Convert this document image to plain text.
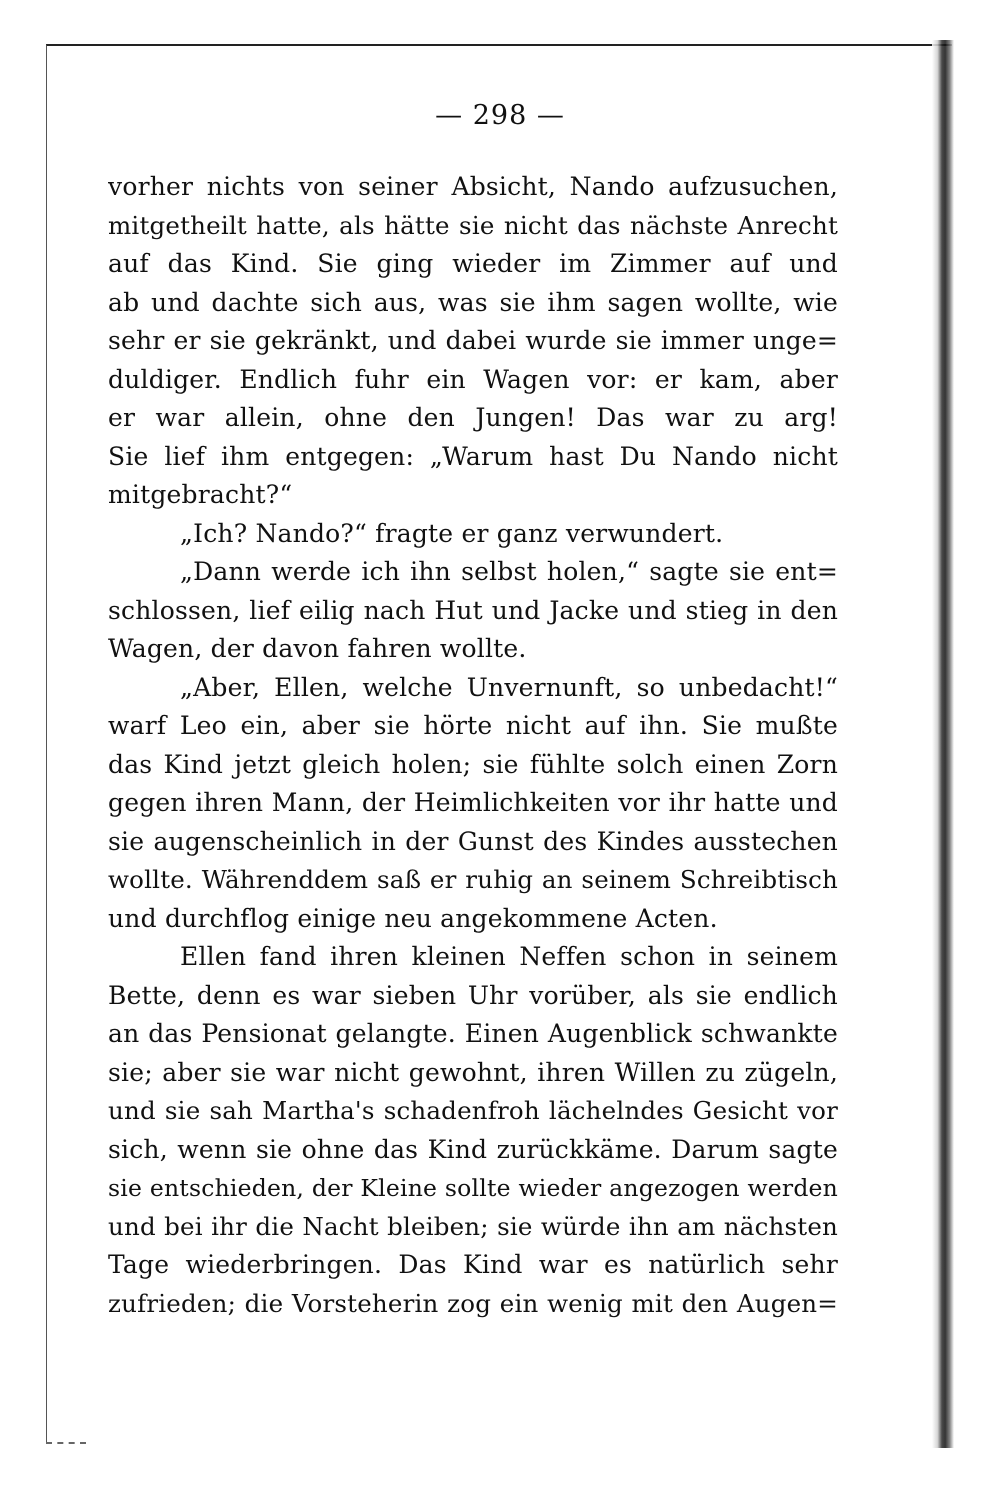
— 298 —
vorher nichts von seiner Absicht, Nando aufzusuchen,
mitgetheilt hatte, als hätte sie nicht das nächste Anrecht
auf das Kind. Sie ging wieder im Zimmer auf und
ab und dachte sich aus, was sie ihm sagen wollte, wie
sehr er sie gekränkt, und dabei wurde sie immer unge=
duldiger. Endlich fuhr ein Wagen vor: er kam, aber
er war allein, ohne den Jungen! Das war zu arg!
Sie lief ihm entgegen: „Warum hast Du Nando nicht
mitgebracht?“
„Ich? Nando?“ fragte er ganz verwundert.
„Dann werde ich ihn selbst holen,“ sagte sie ent=
schlossen, lief eilig nach Hut und Jacke und stieg in den
Wagen, der davon fahren wollte.
„Aber, Ellen, welche Unvernunft, so unbedacht!“
warf Leo ein, aber sie hörte nicht auf ihn. Sie mußte
das Kind jetzt gleich holen; sie fühlte solch einen Zorn
gegen ihren Mann, der Heimlichkeiten vor ihr hatte und
sie augenscheinlich in der Gunst des Kindes ausstechen
wollte. Währenddem saß er ruhig an seinem Schreibtisch
und durchflog einige neu angekommene Acten.
Ellen fand ihren kleinen Neffen schon in seinem
Bette, denn es war sieben Uhr vorüber, als sie endlich
an das Pensionat gelangte. Einen Augenblick schwankte
sie; aber sie war nicht gewohnt, ihren Willen zu zügeln,
und sie sah Martha's schadenfroh lächelndes Gesicht vor
sich, wenn sie ohne das Kind zurückkäme. Darum sagte
sie entschieden, der Kleine sollte wieder angezogen werden
und bei ihr die Nacht bleiben; sie würde ihn am nächsten
Tage wiederbringen. Das Kind war es natürlich sehr
zufrieden; die Vorsteherin zog ein wenig mit den Augen=
